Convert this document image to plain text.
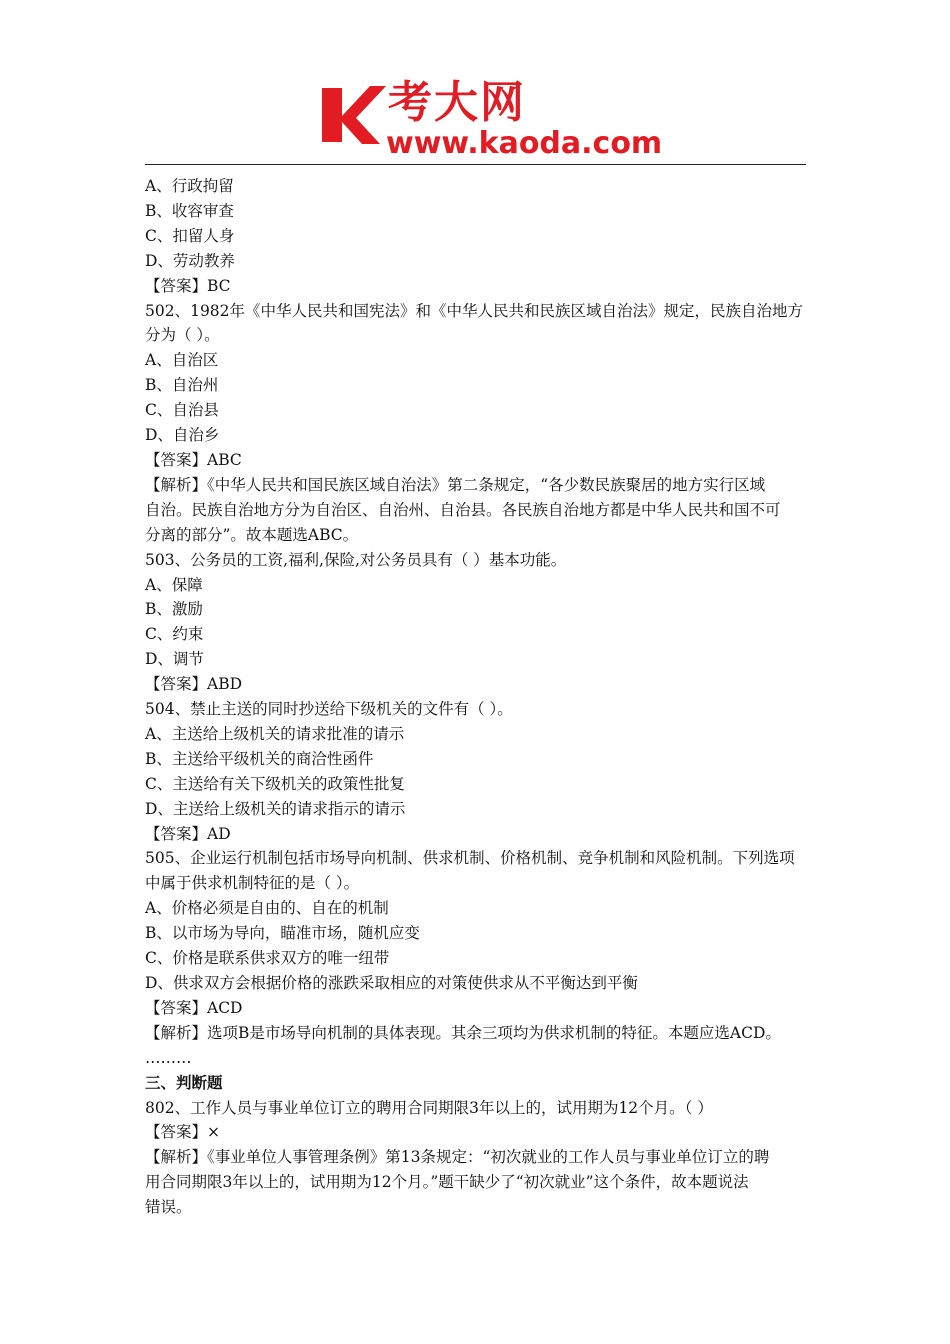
考大网
www.kaoda.com
A、行政拘留
B、收容审查
C、扣留人身
D、劳动教养
【答案】BC
502、1982年《中华人民共和国宪法》和《中华人民共和民族区域自治法》规定，民族自治地方
分为（ ）。
A、自治区
B、自治州
C、自治县
D、自治乡
【答案】ABC
【解析】《中华人民共和国民族区域自治法》第二条规定，“各少数民族聚居的地方实行区域
自治。民族自治地方分为自治区、自治州、自治县。各民族自治地方都是中华人民共和国不可
分离的部分”。故本题选ABC。
503、公务员的工资,福利,保险,对公务员具有（ ）基本功能。
A、保障
B、激励
C、约束
D、调节
【答案】ABD
504、禁止主送的同时抄送给下级机关的文件有（ ）。
A、主送给上级机关的请求批准的请示
B、主送给平级机关的商洽性函件
C、主送给有关下级机关的政策性批复
D、主送给上级机关的请求指示的请示
【答案】AD
505、企业运行机制包括市场导向机制、供求机制、价格机制、竞争机制和风险机制。下列选项
中属于供求机制特征的是（ ）。
A、价格必须是自由的、自在的机制
B、以市场为导向，瞄准市场，随机应变
C、价格是联系供求双方的唯一纽带
D、供求双方会根据价格的涨跌采取相应的对策使供求从不平衡达到平衡
【答案】ACD
【解析】选项B是市场导向机制的具体表现。其余三项均为供求机制的特征。本题应选ACD。
………
三、判断题
802、工作人员与事业单位订立的聘用合同期限3年以上的，试用期为12个月。（ ）
【答案】×
【解析】《事业单位人事管理条例》第13条规定：“初次就业的工作人员与事业单位订立的聘
用合同期限3年以上的，试用期为12个月。”题干缺少了“初次就业”这个条件，故本题说法
错误。
